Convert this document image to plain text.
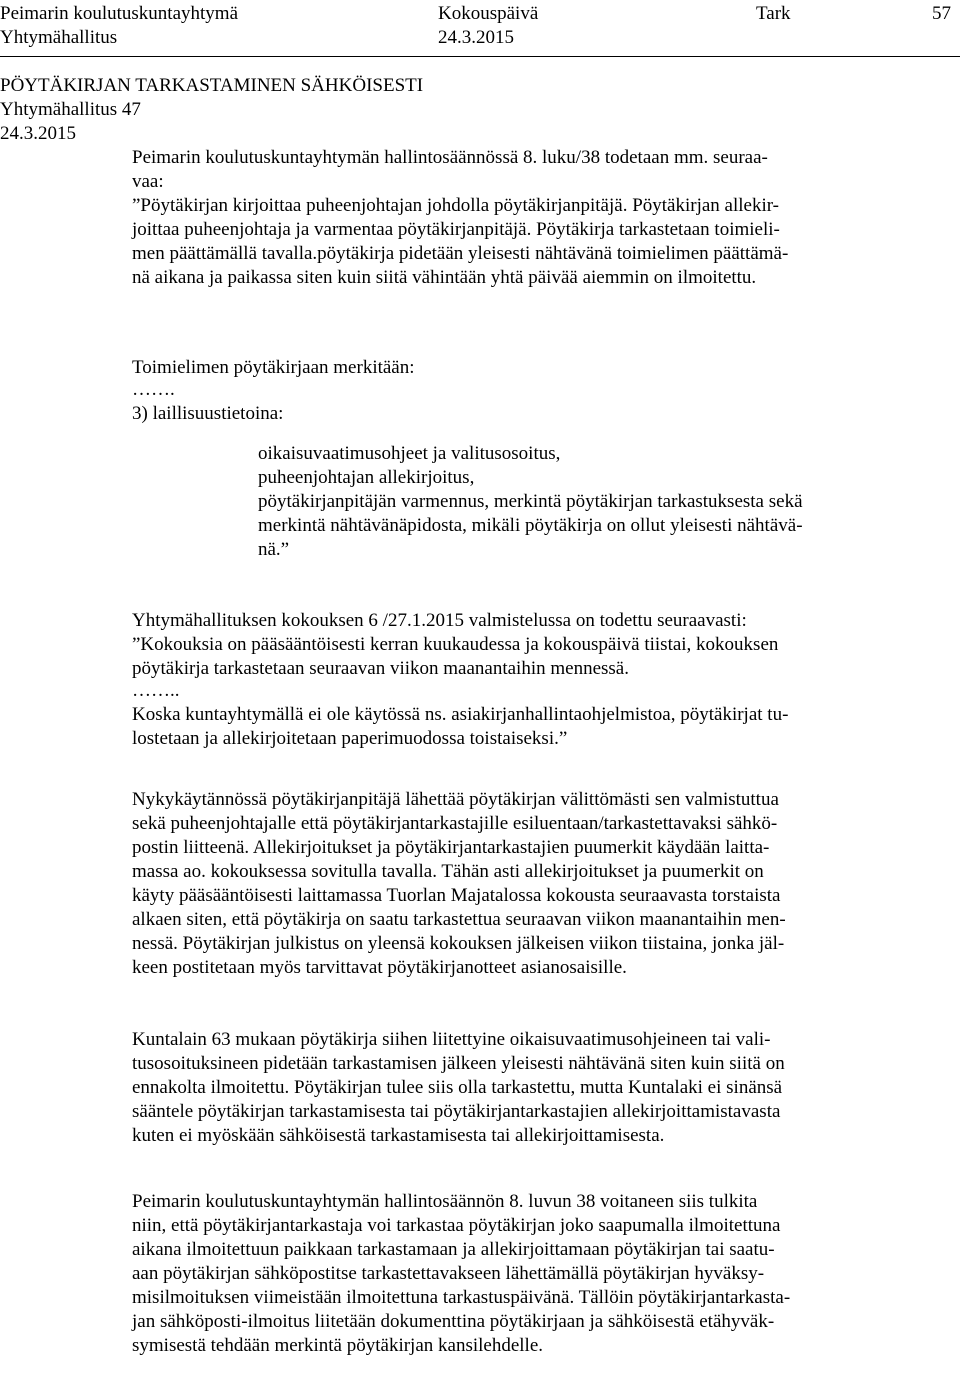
Peimarin koulutuskuntayhtymä	Kokouspäivä	Tark	57
Yhtymähallitus	24.3.2015
PÖYTÄKIRJAN TARKASTAMINEN SÄHKÖISESTI
Yhtymähallitus 47
24.3.2015
Peimarin koulutuskuntayhtymän hallintosäännössä 8. luku/38 todetaan mm. seuraa-
vaa:
”Pöytäkirjan kirjoittaa puheenjohtajan johdolla pöytäkirjanpitäjä. Pöytäkirjan allekir-
joittaa puheenjohtaja ja varmentaa pöytäkirjanpitäjä. Pöytäkirja tarkastetaan toimieli-
men päättämällä tavalla.pöytäkirja pidetään yleisesti nähtävänä toimielimen päättämä-
nä aikana ja paikassa siten kuin siitä vähintään yhtä päivää aiemmin on ilmoitettu.
Toimielimen pöytäkirjaan merkitään:
…….
3) laillisuustietoina:
oikaisuvaatimusohjeet ja valitusosoitus,
puheenjohtajan allekirjoitus,
pöytäkirjanpitäjän varmennus, merkintä pöytäkirjan tarkastuksesta sekä
merkintä nähtävänäpidosta, mikäli pöytäkirja on ollut yleisesti nähtävä-
nä.”
Yhtymähallituksen kokouksen 6 /27.1.2015 valmistelussa on todettu seuraavasti:
”Kokouksia on pääsääntöisesti kerran kuukaudessa ja kokouspäivä tiistai, kokouksen
pöytäkirja tarkastetaan seuraavan viikon maanantaihin mennessä.
……..
Koska kuntayhtymällä ei ole käytössä ns. asiakirjanhallintaohjelmistoa, pöytäkirjat tu-
lostetaan ja allekirjoitetaan paperimuodossa toistaiseksi.”
Nykykäytännössä pöytäkirjanpitäjä lähettää pöytäkirjan välittömästi sen valmistuttua
sekä puheenjohtajalle että pöytäkirjantarkastajille esiluentaan/tarkastettavaksi sähkö-
postin liitteenä. Allekirjoitukset ja pöytäkirjantarkastajien puumerkit käydään laitta-
massa ao. kokouksessa sovitulla tavalla. Tähän asti allekirjoitukset ja puumerkit on
käyty pääsääntöisesti laittamassa Tuorlan Majatalossa kokousta seuraavasta torstaista
alkaen siten, että pöytäkirja on saatu tarkastettua seuraavan viikon maanantaihin men-
nessä. Pöytäkirjan julkistus on yleensä kokouksen jälkeisen viikon tiistaina, jonka jäl-
keen postitetaan myös tarvittavat pöytäkirjanotteet asianosaisille.
Kuntalain 63 mukaan pöytäkirja siihen liitettyine oikaisuvaatimusohjeineen tai vali-
tusosoituksineen pidetään tarkastamisen jälkeen yleisesti nähtävänä siten kuin siitä on
ennakolta ilmoitettu. Pöytäkirjan tulee siis olla tarkastettu, mutta Kuntalaki ei sinänsä
sääntele pöytäkirjan tarkastamisesta tai pöytäkirjantarkastajien allekirjoittamistavasta
kuten ei myöskään sähköisestä tarkastamisesta tai allekirjoittamisesta.
Peimarin koulutuskuntayhtymän hallintosäännön 8. luvun 38 voitaneen siis tulkita
niin, että pöytäkirjantarkastaja voi tarkastaa pöytäkirjan joko saapumalla ilmoitettuna
aikana ilmoitettuun paikkaan tarkastamaan ja allekirjoittamaan pöytäkirjan tai saatu-
aan pöytäkirjan sähköpostitse tarkastettavakseen lähettämällä pöytäkirjan hyväksy-
misilmoituksen viimeistään ilmoitettuna tarkastuspäivänä. Tällöin pöytäkirjantarkasta-
jan sähköposti-ilmoitus liitetään dokumenttina pöytäkirjaan ja sähköisestä etähyväk-
symisestä tehdään merkintä pöytäkirjan kansilehdelle.
